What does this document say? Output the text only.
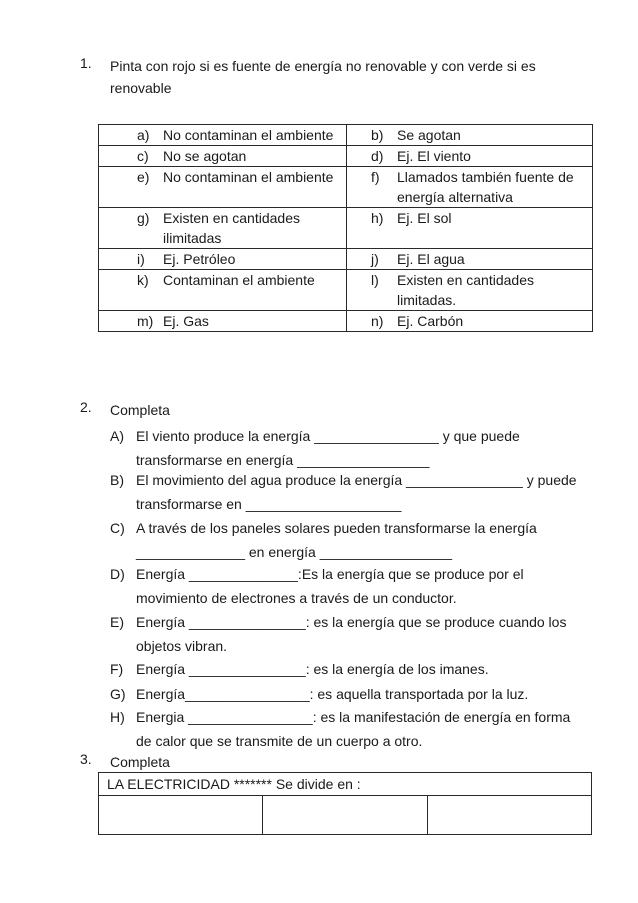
1. Pinta con rojo si es fuente de energía no renovable y con verde si es renovable
a) No contaminan el ambiente	b) Se agotan

c) No se agotan	d) Ej. El viento

e) No contaminan el ambiente	f) Llamados también fuente de energía alternativa

g) Existen en cantidades ilimitadas	h) Ej. El sol

i) Ej. Petróleo	j) Ej. El agua

k) Contaminan el ambiente	l) Existen en cantidades limitadas.

m) Ej. Gas	n) Ej. Carbón
2. Completa
A) El viento produce la energía ________________ y que puede transformarse en energía _________________
B) El movimiento del agua produce la energía _______________ y puede transformarse en ____________________
C) A través de los paneles solares pueden transformarse la energía ______________ en energía _________________
D) Energía ______________:Es la energía que se produce por el movimiento de electrones a través de un conductor.
E) Energía _______________: es la energía que se produce cuando los objetos vibran.
F) Energía _______________: es la energía de los imanes.
G) Energía________________: es aquella transportada por la luz.
H) Energia ________________: es la manifestación de energía en forma de calor que se transmite de un cuerpo a otro.
3. Completa
LA ELECTRICIDAD ******* Se divide en :
